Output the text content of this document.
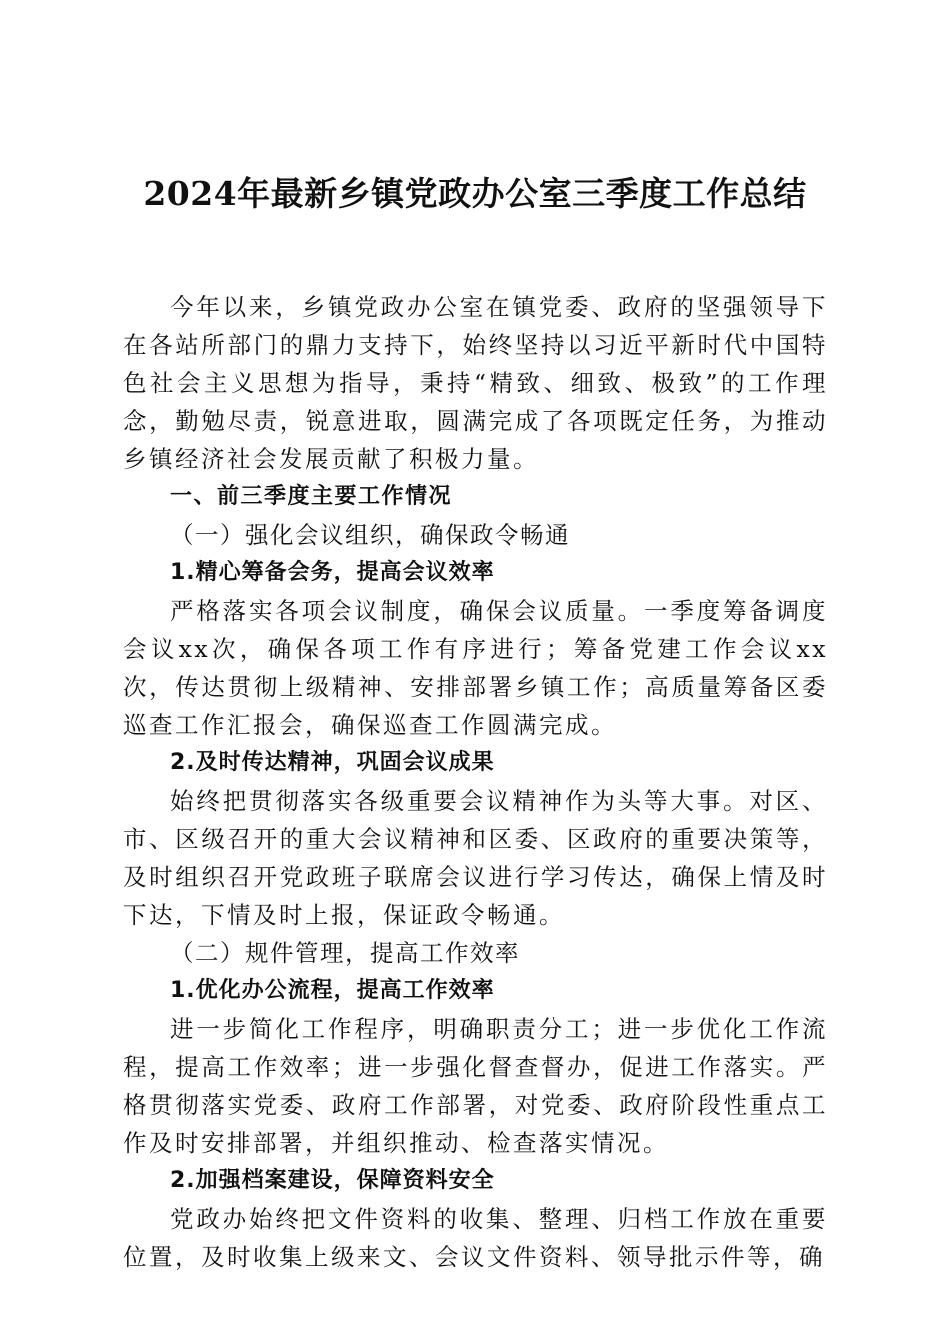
2024年最新乡镇党政办公室三季度工作总结

今年以来，乡镇党政办公室在镇党委、政府的坚强领导下在各站所部门的鼎力支持下，始终坚持以习近平新时代中国特色社会主义思想为指导，秉持“精致、细致、极致”的工作理念，勤勉尽责，锐意进取，圆满完成了各项既定任务，为推动乡镇经济社会发展贡献了积极力量。

一、前三季度主要工作情况

（一）强化会议组织，确保政令畅通

1.精心筹备会务，提高会议效率

严格落实各项会议制度，确保会议质量。一季度筹备调度会议xx次，确保各项工作有序进行；筹备党建工作会议xx次，传达贯彻上级精神、安排部署乡镇工作；高质量筹备区委巡查工作汇报会，确保巡查工作圆满完成。

2.及时传达精神，巩固会议成果

始终把贯彻落实各级重要会议精神作为头等大事。对区、市、区级召开的重大会议精神和区委、区政府的重要决策等，及时组织召开党政班子联席会议进行学习传达，确保上情及时下达，下情及时上报，保证政令畅通。

（二）规件管理，提高工作效率

1.优化办公流程，提高工作效率

进一步简化工作程序，明确职责分工；进一步优化工作流程，提高工作效率；进一步强化督查督办，促进工作落实。严格贯彻落实党委、政府工作部署，对党委、政府阶段性重点工作及时安排部署，并组织推动、检查落实情况。

2.加强档案建设，保障资料安全

党政办始终把文件资料的收集、整理、归档工作放在重要位置，及时收集上级来文、会议文件资料、领导批示件等，确
